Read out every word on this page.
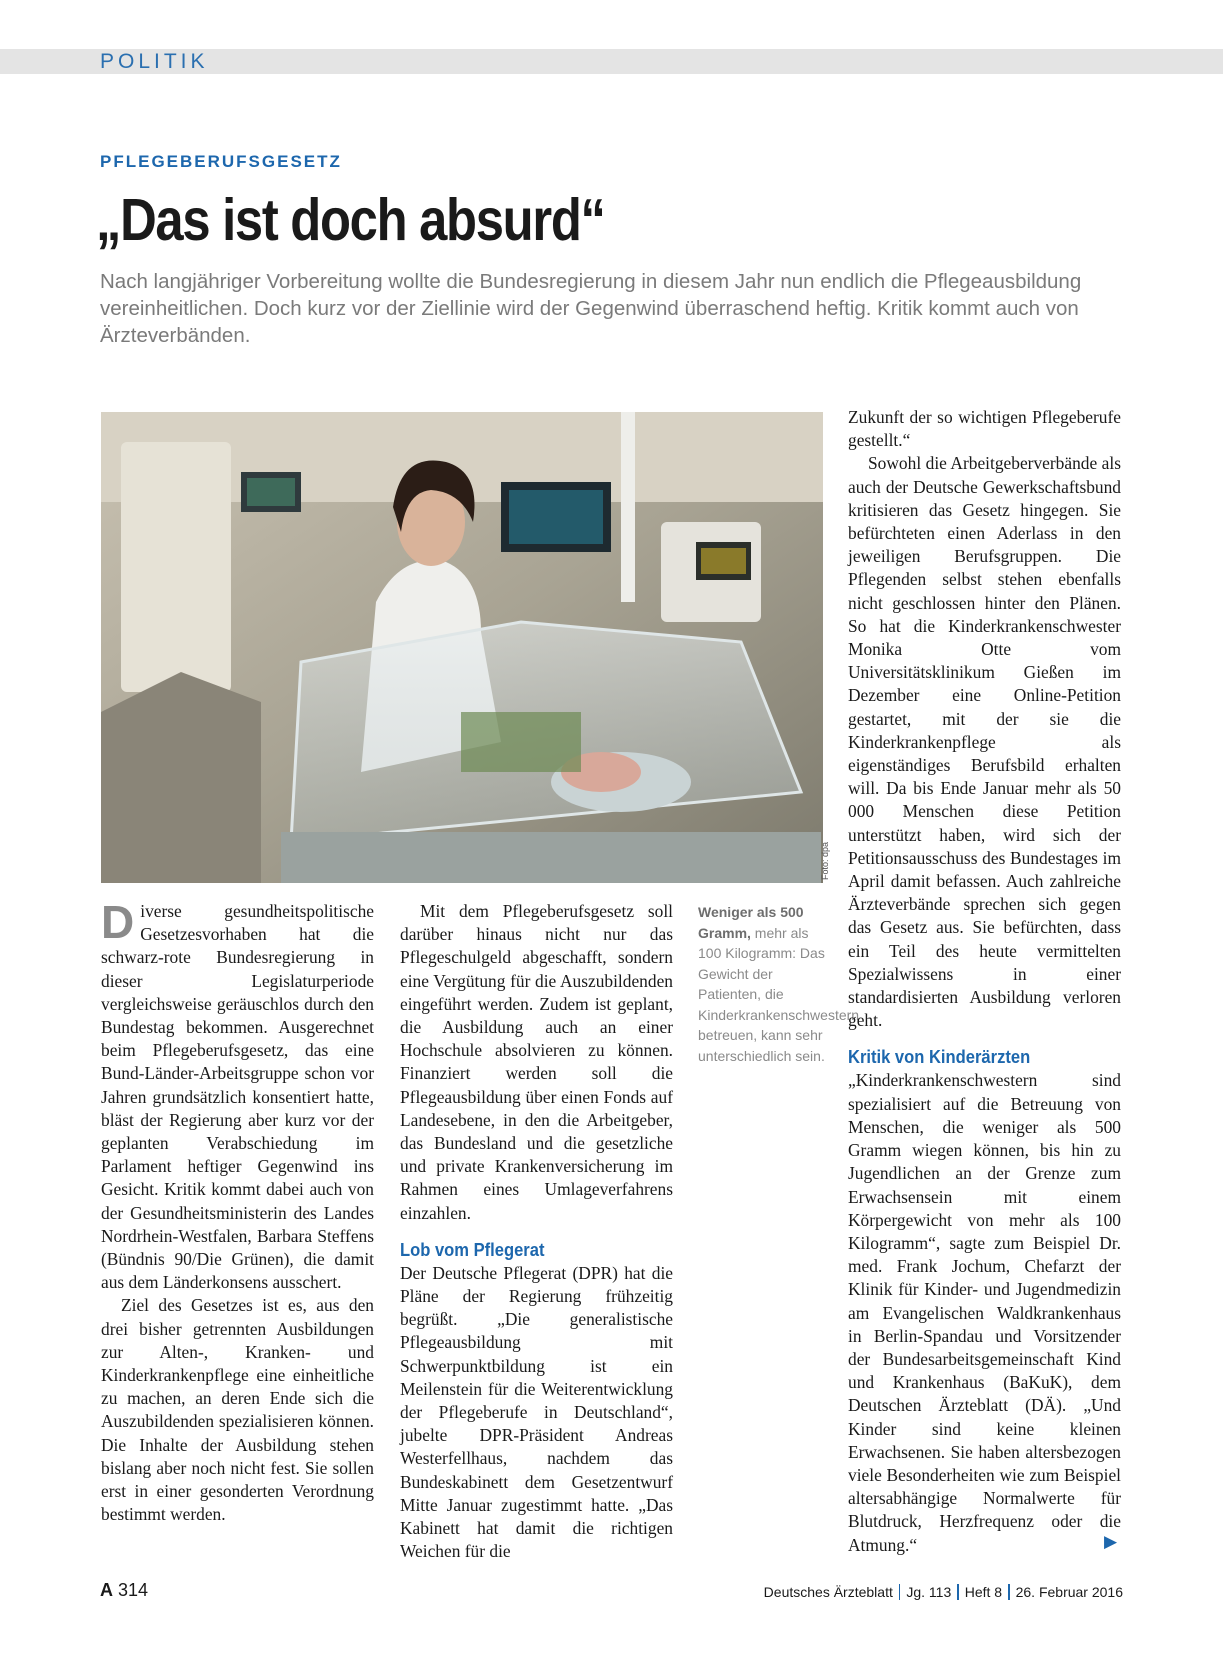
POLITIK
PFLEGEBERUFSGESETZ
„Das ist doch absurd“
Nach langjähriger Vorbereitung wollte die Bundesregierung in diesem Jahr nun endlich die Pflegeausbildung vereinheitlichen. Doch kurz vor der Ziellinie wird der Gegenwind überraschend heftig. Kritik kommt auch von Ärzteverbänden.
Foto: dpa

Diverse gesundheitspolitische Gesetzesvorhaben hat die schwarz-rote Bundesregierung in dieser Legislaturperiode vergleichsweise geräuschlos durch den Bundestag bekommen. Ausgerechnet beim Pflegeberufsgesetz, das eine Bund-Länder-Arbeitsgruppe schon vor Jahren grundsätzlich konsentiert hatte, bläst der Regierung aber kurz vor der geplanten Verabschiedung im Parlament heftiger Gegenwind ins Gesicht. Kritik kommt dabei auch von der Gesundheitsministerin des Landes Nordrhein-Westfalen, Barbara Steffens (Bündnis 90/Die Grünen), die damit aus dem Länderkonsens ausschert.

Ziel des Gesetzes ist es, aus den drei bisher getrennten Ausbildungen zur Alten-, Kranken- und Kinderkrankenpflege eine einheitliche zu machen, an deren Ende sich die Auszubildenden spezialisieren können. Die Inhalte der Ausbildung stehen bislang aber noch nicht fest. Sie sollen erst in einer gesonderten Verordnung bestimmt werden.

Mit dem Pflegeberufsgesetz soll darüber hinaus nicht nur das Pflegeschulgeld abgeschafft, sondern eine Vergütung für die Auszubildenden eingeführt werden. Zudem ist geplant, die Ausbildung auch an einer Hochschule absolvieren zu können. Finanziert werden soll die Pflegeausbildung über einen Fonds auf Landesebene, in den die Arbeitgeber, das Bundesland und die gesetzliche und private Krankenversicherung im Rahmen eines Umlageverfahrens einzahlen.

Lob vom Pflegerat

Der Deutsche Pflegerat (DPR) hat die Pläne der Regierung frühzeitig begrüßt. „Die generalistische Pflegeausbildung mit Schwerpunktbildung ist ein Meilenstein für die Weiterentwicklung der Pflegeberufe in Deutschland“, jubelte DPR-Präsident Andreas Westerfellhaus, nachdem das Bundeskabinett dem Gesetzentwurf Mitte Januar zugestimmt hatte. „Das Kabinett hat damit die richtigen Weichen für die

Weniger als 500 Gramm, mehr als 100 Kilogramm: Das Gewicht der Patienten, die Kinderkrankenschwestern betreuen, kann sehr unterschiedlich sein.

Zukunft der so wichtigen Pflegeberufe gestellt.“

Sowohl die Arbeitgeberverbände als auch der Deutsche Gewerkschaftsbund kritisieren das Gesetz hingegen. Sie befürchteten einen Aderlass in den jeweiligen Berufsgruppen. Die Pflegenden selbst stehen ebenfalls nicht geschlossen hinter den Plänen. So hat die Kinderkrankenschwester Monika Otte vom Universitätsklinikum Gießen im Dezember eine Online-Petition gestartet, mit der sie die Kinderkrankenpflege als eigenständiges Berufsbild erhalten will. Da bis Ende Januar mehr als 50 000 Menschen diese Petition unterstützt haben, wird sich der Petitionsausschuss des Bundestages im April damit befassen. Auch zahlreiche Ärzteverbände sprechen sich gegen das Gesetz aus. Sie befürchten, dass ein Teil des heute vermittelten Spezialwissens in einer standardisierten Ausbildung verloren geht.

Kritik von Kinderärzten

„Kinderkrankenschwestern sind spezialisiert auf die Betreuung von Menschen, die weniger als 500 Gramm wiegen können, bis hin zu Jugendlichen an der Grenze zum Erwachsensein mit einem Körpergewicht von mehr als 100 Kilogramm“, sagte zum Beispiel Dr. med. Frank Jochum, Chefarzt der Klinik für Kinder- und Jugendmedizin am Evangelischen Waldkrankenhaus in Berlin-Spandau und Vorsitzender der Bundesarbeitsgemeinschaft Kind und Krankenhaus (BaKuK), dem Deutschen Ärzteblatt (DÄ). „Und Kinder sind keine kleinen Erwachsenen. Sie haben altersbezogen viele Besonderheiten wie zum Beispiel altersabhängige Normalwerte für Blutdruck, Herzfrequenz oder die Atmung.“	▶
A 314	Deutsches Ärzteblatt Jg. 113 Heft 8 26. Februar 2016
